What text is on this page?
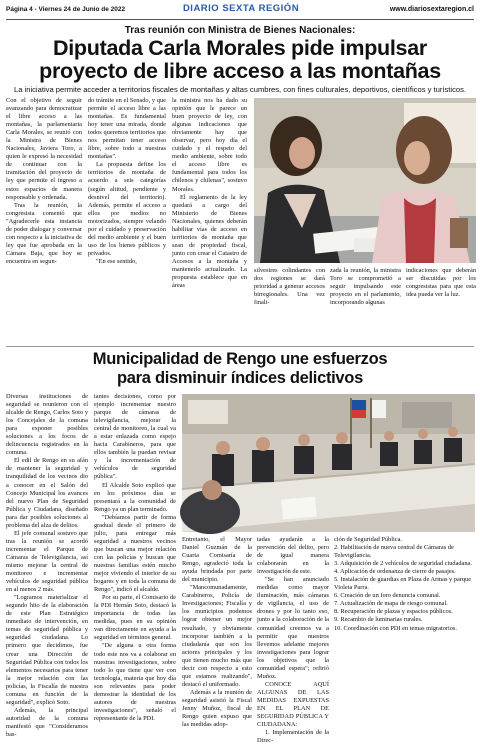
Página 4 - Viernes 24 de Junio de 2022	DIARIO SEXTA REGIÓN	www.diariosextaregion.cl
Tras reunión con Ministra de Bienes Nacionales:
Diputada Carla Morales pide impulsar
proyecto de libre acceso a las montañas
La iniciativa permite acceder a territorios fiscales de montañas y altas cumbres, con fines culturales, deportivos, científicos y turísticos.

Con el objetivo de seguir avanzando para democratizar el libre acceso a las montañas, la parlamentaria Carla Morales, se reunió con la Ministra de Bienes Nacionales, Javiera Toro, a quien le expresó la necesidad de continuar con la tramitación del proyecto de ley que permite el ingreso a estos espacios de manera responsable y ordenada.

Tras la reunión, la congresista comentó que "Agradecerle esta instancia de poder dialogar y conversar con respecto a la iniciativa de ley que fue aprobada en la Cámara Baja, que hoy se encuentra en segun-

do trámite en el Senado, y que permite el acceso libre a las montañas. Es fundamental hoy tener una mirada, donde todos queremos territorios que nos permitan tener acceso libre, sobre todo a nuestras montañas".

La propuesta define los territorios de montaña de acuerdo a seis categorías (según altitud, pendiente y desnivel del territorio). Además, permite el acceso a ellos por medios no motorizados, siempre velando por el cuidado y preservación del medio ambiente y el buen uso de los bienes públicos y privados.

"En ese sentido,

la ministra nos ha dado su opinión que le parece un buen proyecto de ley, con algunas indicaciones que obviamente hay que observar, pero hoy día el cuidado y el respeto del medio ambiente, sobre todo el acceso libre es fundamental para todos los chilenos y chilenas", sostuvo Morales.

El reglamento de la ley quedará a cargo del Ministerio de Bienes Nacionales, quienes deberán habilitar vías de acceso en territorios de montaña que sean de propiedad fiscal, junto con crear el Catastro de Accesos a la montaña y mantenerlo actualizado. La propuesta establece que en áreas

silvestres colindantes con dos regiones se dará prioridad a generar accesos birregionales. Una vez finali-

zada la reunión, la ministra Toro se comprometió a seguir impulsando este proyecto en el parlamento, incorporando algunas

indicaciones que deberán ser discutidas por los congresistas para que esta idea pueda ver la luz.

Municipalidad de Rengo une esfuerzos
para disminuir índices delictivos

Diversas instituciones de seguridad se reunieron con el alcalde de Rengo, Carlos Soto y los Concejales de la comuna para exponer posibles soluciones a los focos de delincuencia registrados en la comuna.

El edil de Rengo en su afán de mantener la seguridad y tranquilidad de los vecinos dio a conocer en el Salón del Concejo Municipal los avances del nuevo Plan de Seguridad Pública y Ciudadana, diseñado para dar posibles soluciones al problema del alza de delitos.

El jefe comunal sostuvo que tras la reunión se acordó incrementar el Parque de Cámaras de Televigilancia, así mismo mejorar la central de monitoreo e incrementar vehículos de seguridad pública en al menos 2 más.

"Logramos materializar el segundo hito de la elaboración de este Plan Estratégico inmediato de intervención, en temas de seguridad pública y seguridad ciudadana. Lo primero que decidimos, fue crear una Dirección de Seguridad Pública con todos los elementos necesarios para tener la mejor relación con las policías, la Fiscalía de nuestra comuna en función de la seguridad", explicó Soto.

Además, la principal autoridad de la comuna manifestó que "Consideramos bas-

tantes decisiones, como por ejemplo incrementar nuestro parque de cámaras de televigilancia, mejorar la central de monitoreo, la cual va a estar enlazada como espejo hacia Carabineros, para que ellos también la puedan revisar y la incrementación de vehículos de seguridad pública".

El Alcalde Soto explicó que en los próximos días se presentará a la comunidad de Rengo ya un plan terminado.

"Debíamos partir de forma gradual desde el primero de julio, para entregar más seguridad a nuestros vecinos que buscan una mejor relación con las policías y buscan que nuestras familias estén mucho mejor viviendo el interior de su hogares y en toda la comuna de Rengo", indicó el alcalde.

Por su parte, el Comisario de la PDI Hernán Soto, destacó la importancia de todas las medidas, pues en su opinión van directamente en ayuda a la seguridad en términos general.

"De alguna u otra forma todo este nos va a colaborar en nuestras investigaciones, sobre todo lo que tiene que ver con tecnología, materia que hoy día son relevantes para poder demostrar la identidad de los autores de nuestras investigaciones", señaló el representante de la PDI.

Entretanto, el Mayor Daniel Guzmán de la Cuarta Comisaría de Rengo, agradeció toda la ayuda brindada por parte del municipio.

"Mancomunadamente, Carabineros, Policía de Investigaciones; Fiscalía y los municipios podemos lograr obtener un mejor resultado, y obviamente incorporar también a la ciudadanía que son los actores principales y los que tienen mucho más que decir con respecto a esto que estamos realizando", destacó el uniformado.

Además a la reunión de seguridad asistió la Fiscal Jenny Muñoz, fiscal de Rengo quien expuso que las medidas adop-

tadas ayudarán a la prevención del delito, pero de igual manera colaborarán en la investigación de este.

"Se han anunciado medidas como mayor iluminación, más cámaras de vigilancia, el uso de drones y por lo tanto eso, junto a la colaboración de la comunidad creemos va a permitir que nuestros llevemos adelante mejores investigaciones para lograr los objetivos que la comunidad espera"; refirió Muñoz.

CONOCE AQUÍ ALGUNAS DE LAS MEDIDAS EXPUESTAS EN EL PLAN DE SEGURIDAD PÚBLICA Y CIUDADANA:

1. Implementación de la Direc-

ción de Seguridad Pública.

2. Habilitación de nueva central de Cámaras de Televigilancia.

3. Adquisición de 2 vehículos de seguridad ciudadana.

4. Aplicación de ordenanza de cierre de pasajes.

5. Instalación de guardias en Plaza de Armas y parque Violeta Parra.

6. Creación de un foro denuncia comunal.

7. Actualización de mapa de riesgo comunal.

8. Recuperación de plazas y espacios públicos.

9. Recambio de luminarias rurales.

10. Coordinación con PDI en temas migratorios.
